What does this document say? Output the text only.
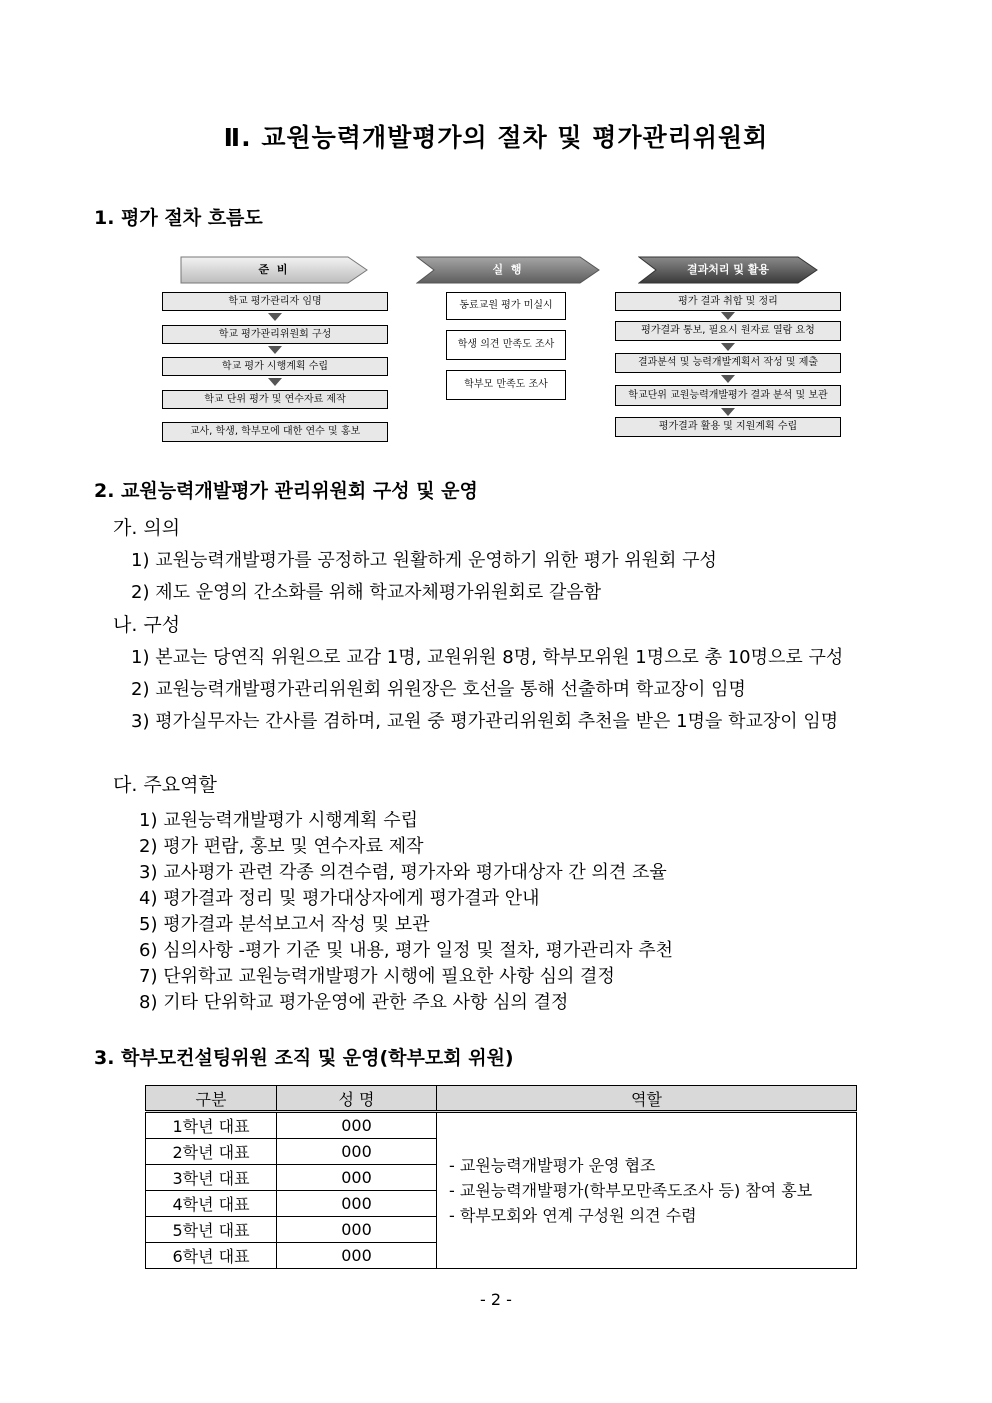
Ⅱ. 교원능력개발평가의 절차 및 평가관리위원회
1. 평가 절차 흐름도
준 비
학교 평가관리자 임명
학교 평가관리위원회 구성
학교 평가 시행계획 수립
학교 단위 평가 및 연수자료 제작
교사, 학생, 학부모에 대한 연수 및 홍보
실 행
동료교원 평가 미실시
학생 의견 만족도 조사
학부모 만족도 조사
결과처리 및 활용
평가 결과 취합 및 정리
평가결과 통보, 필요시 원자료 열람 요청
결과분석 및 능력개발계획서 작성 및 제출
학교단위 교원능력개발평가 결과 분석 및 보관
평가결과 활용 및 지원계획 수립
2. 교원능력개발평가 관리위원회 구성 및 운영
가. 의의
1) 교원능력개발평가를 공정하고 원활하게 운영하기 위한 평가 위원회 구성
2) 제도 운영의 간소화를 위해 학교자체평가위원회로 갈음함
나. 구성
1) 본교는 당연직 위원으로 교감 1명, 교원위원 8명, 학부모위원 1명으로 총 10명으로 구성
2) 교원능력개발평가관리위원회 위원장은 호선을 통해 선출하며 학교장이 임명
3) 평가실무자는 간사를 겸하며, 교원 중 평가관리위원회 추천을 받은 1명을 학교장이 임명
다. 주요역할
1) 교원능력개발평가 시행계획 수립
2) 평가 편람, 홍보 및 연수자료 제작
3) 교사평가 관련 각종 의견수렴, 평가자와 평가대상자 간 의견 조율
4) 평가결과 정리 및 평가대상자에게 평가결과 안내
5) 평가결과 분석보고서 작성 및 보관
6) 심의사항 -평가 기준 및 내용, 평가 일정 및 절차, 평가관리자 추천
7) 단위학교 교원능력개발평가 시행에 필요한 사항 심의 결정
8) 기타 단위학교 평가운영에 관한 주요 사항 심의 결정
3. 학부모컨설팅위원 조직 및 운영(학부모회 위원)
구분	성 명	역할
1학년 대표	000	- 교원능력개발평가 운영 협조
- 교원능력개발평가(학부모만족도조사 등) 참여 홍보
- 학부모회와 연계 구성원 의견 수렴

2학년 대표	000	
3학년 대표	000	
4학년 대표	000	
5학년 대표	000	
6학년 대표	000	
- 2 -
